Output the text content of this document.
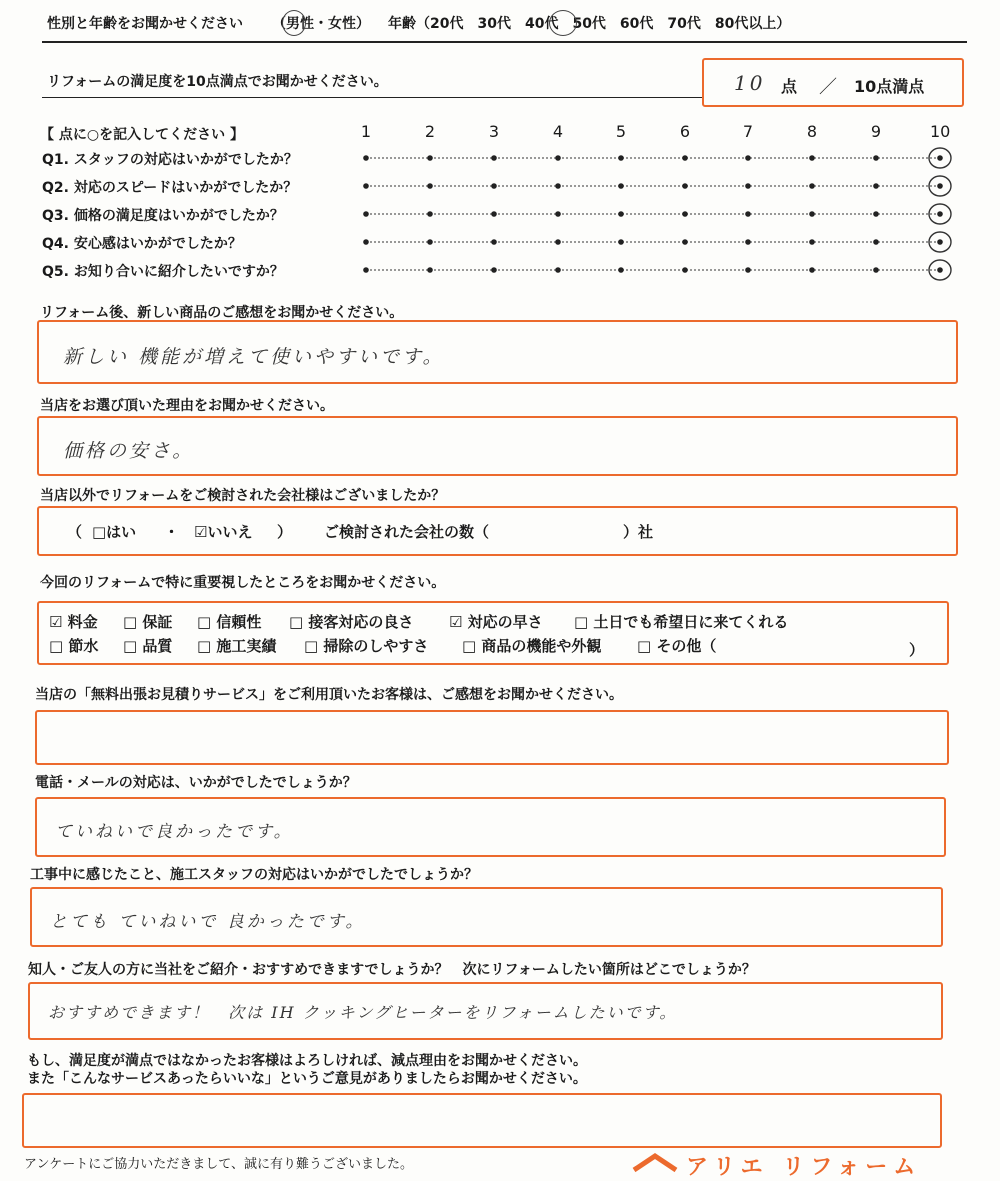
性別と年齢をお聞かせください （男性・女性） 年齢（20代　30代　40代　50代　60代　70代　80代以上）
リフォームの満足度を10点満点でお聞かせください。	10 点 ／ 10点満点
【 点に○を記入してください 】	1	2	3	4	5	6	7	8	9	10
Q1. スタッフの対応はいかがでしたか？
Q2. 対応のスピードはいかがでしたか？
Q3. 価格の満足度はいかがでしたか？
Q4. 安心感はいかがでしたか？
Q5. お知り合いに紹介したいですか？
リフォーム後、新しい商品のご感想をお聞かせください。
新しい 機能が増えて使いやすいです。
当店をお選び頂いた理由をお聞かせください。
価格の安さ。
当店以外でリフォームをご検討された会社様はございましたか？
（ □はい ・ ☑いいえ ） ご検討された会社の数（	）社
今回のリフォームで特に重要視したところをお聞かせください。
☑ 料金 □ 保証 □ 信頼性 □ 接客対応の良さ ☑ 対応の早さ □ 土日でも希望日に来てくれる
□ 節水 □ 品質 □ 施工実績 □ 掃除のしやすさ □ 商品の機能や外観 □ その他（	）
当店の「無料出張お見積りサービス」をご利用頂いたお客様は、ご感想をお聞かせください。
電話・メールの対応は、いかがでしたでしょうか？
ていねいで良かったです。
工事中に感じたこと、施工スタッフの対応はいかがでしたでしょうか？
とても ていねいで 良かったです。
知人・ご友人の方に当社をご紹介・おすすめできますでしょうか？　次にリフォームしたい箇所はどこでしょうか？
おすすめできます！　次は IH クッキングヒーターをリフォームしたいです。
もし、満足度が満点ではなかったお客様はよろしければ、減点理由をお聞かせください。
また「こんなサービスあったらいいな」というご意見がありましたらお聞かせください。
アンケートにご協力いただきまして、誠に有り難うございました。	アリエ リフォーム
